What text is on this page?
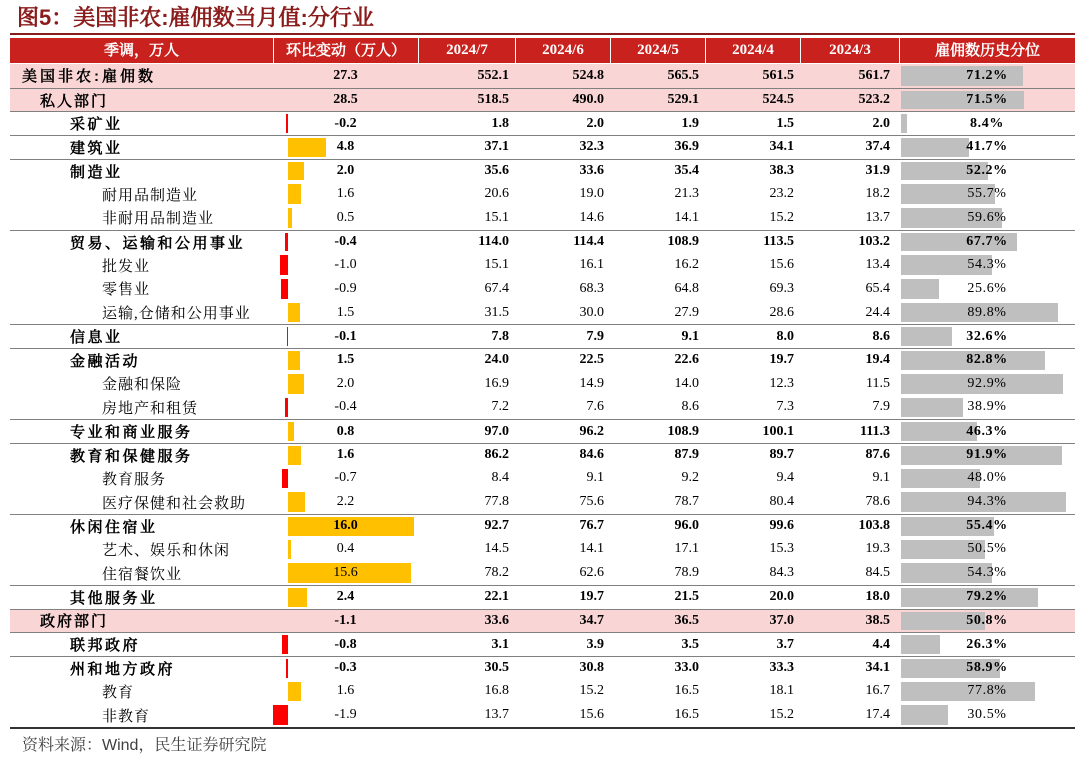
图5：美国非农:雇佣数当月值:分行业
季调，万人	环比变动（万人）	2024/7	2024/6	2024/5	2024/4	2024/3	雇佣数历史分位
美国非农:雇佣数	27.3	552.1	524.8	565.5	561.5	561.7	71.2%
私人部门	28.5	518.5	490.0	529.1	524.5	523.2	71.5%
采矿业	-0.2	1.8	2.0	1.9	1.5	2.0	8.4%
建筑业	4.8	37.1	32.3	36.9	34.1	37.4	41.7%
制造业	2.0	35.6	33.6	35.4	38.3	31.9	52.2%
耐用品制造业	1.6	20.6	19.0	21.3	23.2	18.2	55.7%
非耐用品制造业	0.5	15.1	14.6	14.1	15.2	13.7	59.6%
贸易、运输和公用事业	-0.4	114.0	114.4	108.9	113.5	103.2	67.7%
批发业	-1.0	15.1	16.1	16.2	15.6	13.4	54.3%
零售业	-0.9	67.4	68.3	64.8	69.3	65.4	25.6%
运输,仓储和公用事业	1.5	31.5	30.0	27.9	28.6	24.4	89.8%
信息业	-0.1	7.8	7.9	9.1	8.0	8.6	32.6%
金融活动	1.5	24.0	22.5	22.6	19.7	19.4	82.8%
金融和保险	2.0	16.9	14.9	14.0	12.3	11.5	92.9%
房地产和租赁	-0.4	7.2	7.6	8.6	7.3	7.9	38.9%
专业和商业服务	0.8	97.0	96.2	108.9	100.1	111.3	46.3%
教育和保健服务	1.6	86.2	84.6	87.9	89.7	87.6	91.9%
教育服务	-0.7	8.4	9.1	9.2	9.4	9.1	48.0%
医疗保健和社会救助	2.2	77.8	75.6	78.7	80.4	78.6	94.3%
休闲住宿业	16.0	92.7	76.7	96.0	99.6	103.8	55.4%
艺术、娱乐和休闲	0.4	14.5	14.1	17.1	15.3	19.3	50.5%
住宿餐饮业	15.6	78.2	62.6	78.9	84.3	84.5	54.3%
其他服务业	2.4	22.1	19.7	21.5	20.0	18.0	79.2%
政府部门	-1.1	33.6	34.7	36.5	37.0	38.5	50.8%
联邦政府	-0.8	3.1	3.9	3.5	3.7	4.4	26.3%
州和地方政府	-0.3	30.5	30.8	33.0	33.3	34.1	58.9%
教育	1.6	16.8	15.2	16.5	18.1	16.7	77.8%
非教育	-1.9	13.7	15.6	16.5	15.2	17.4	30.5%
资料来源：Wind，民生证券研究院
